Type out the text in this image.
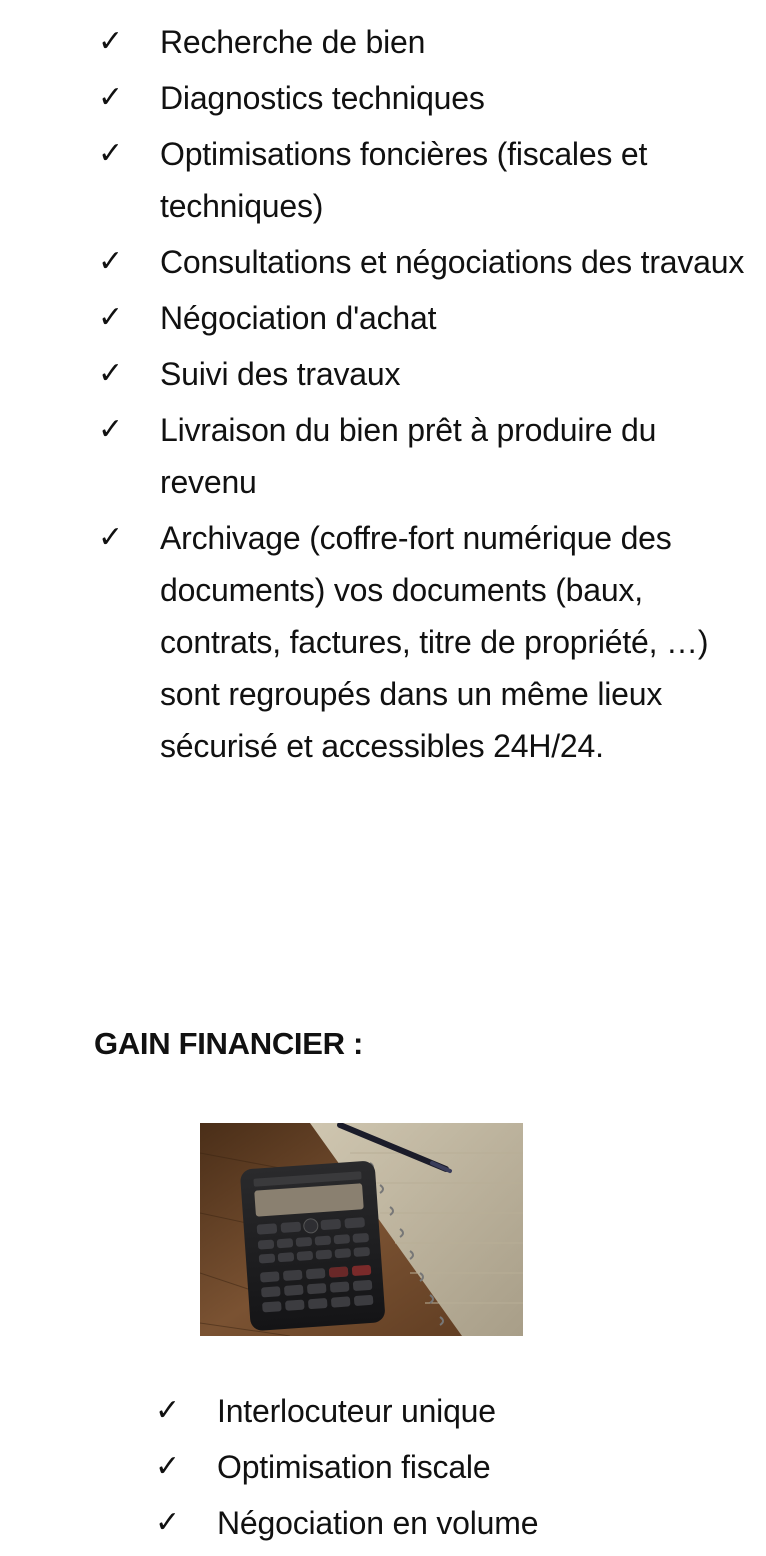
✓	Recherche de bien
✓	Diagnostics techniques
✓	Optimisations foncières (fiscales et techniques)
✓	Consultations et négociations des travaux
✓	Négociation d'achat
✓	Suivi des travaux
✓	Livraison du bien prêt à produire du revenu
✓	Archivage (coffre-fort numérique des documents) vos documents (baux, contrats, factures, titre de propriété, …) sont regroupés dans un même lieux sécurisé et accessibles 24H/24.
GAIN FINANCIER :
✓	Interlocuteur unique
✓	Optimisation fiscale
✓	Négociation en volume
